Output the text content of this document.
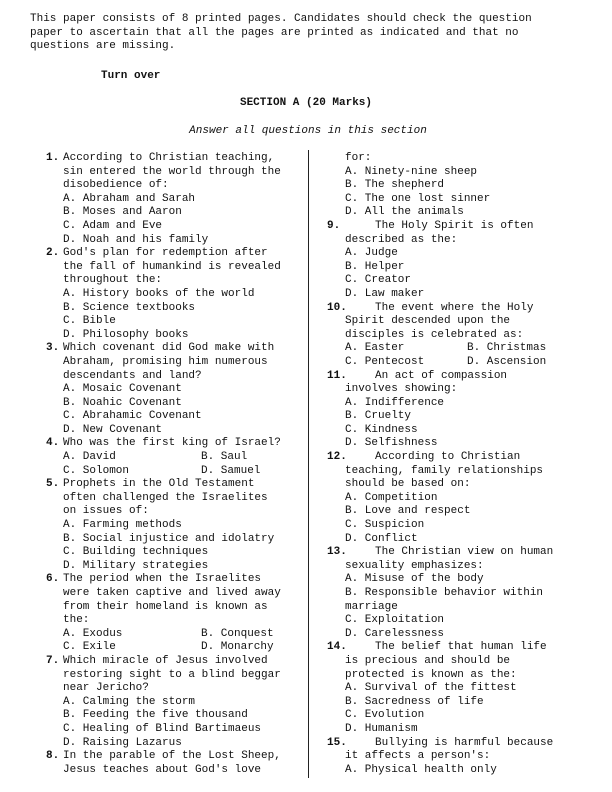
This paper consists of 8 printed pages. Candidates should check the question
paper to ascertain that all the pages are printed as indicated and that no
questions are missing.
Turn over
SECTION A (20 Marks)
Answer all questions in this section
1. According to Christian teaching,
sin entered the world through the
disobedience of:
A. Abraham and Sarah
B. Moses and Aaron
C. Adam and Eve
D. Noah and his family
2. God's plan for redemption after
the fall of humankind is revealed
throughout the:
A. History books of the world
B. Science textbooks
C. Bible
D. Philosophy books
3. Which covenant did God make with
Abraham, promising him numerous
descendants and land?
A. Mosaic Covenant
B. Noahic Covenant
C. Abrahamic Covenant
D. New Covenant
4. Who was the first king of Israel?
A. David	B. Saul
C. Solomon	D. Samuel
5. Prophets in the Old Testament
often challenged the Israelites
on issues of:
A. Farming methods
B. Social injustice and idolatry
C. Building techniques
D. Military strategies
6. The period when the Israelites
were taken captive and lived away
from their homeland is known as
the:
A. Exodus	B. Conquest
C. Exile	D. Monarchy
7. Which miracle of Jesus involved
restoring sight to a blind beggar
near Jericho?
A. Calming the storm
B. Feeding the five thousand
C. Healing of Blind Bartimaeus
D. Raising Lazarus
8. In the parable of the Lost Sheep,
Jesus teaches about God's love
for:
A. Ninety-nine sheep
B. The shepherd
C. The one lost sinner
D. All the animals
9.	The Holy Spirit is often
described as the:
A. Judge
B. Helper
C. Creator
D. Law maker
10.	The event where the Holy
Spirit descended upon the
disciples is celebrated as:
A. Easter	B. Christmas
C. Pentecost	D. Ascension
11.	An act of compassion
involves showing:
A. Indifference
B. Cruelty
C. Kindness
D. Selfishness
12.	According to Christian
teaching, family relationships
should be based on:
A. Competition
B. Love and respect
C. Suspicion
D. Conflict
13.	The Christian view on human
sexuality emphasizes:
A. Misuse of the body
B. Responsible behavior within
marriage
C. Exploitation
D. Carelessness
14.	The belief that human life
is precious and should be
protected is known as the:
A. Survival of the fittest
B. Sacredness of life
C. Evolution
D. Humanism
15.	Bullying is harmful because
it affects a person's:
A. Physical health only
